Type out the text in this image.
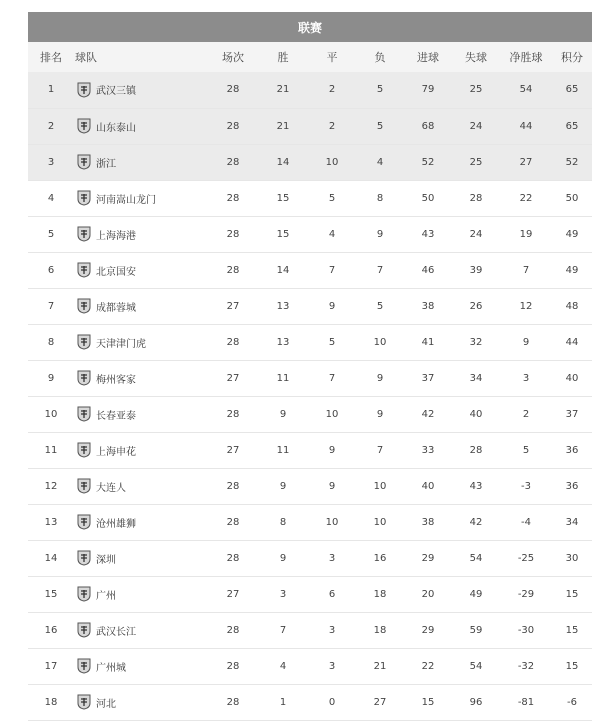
联赛
排名	球队	场次	胜	平	负	进球	失球	净胜球	积分
1	武汉三镇	28	21	2	5	79	25	54	65
2	山东泰山	28	21	2	5	68	24	44	65
3	浙江	28	14	10	4	52	25	27	52
4	河南嵩山龙门	28	15	5	8	50	28	22	50
5	上海海港	28	15	4	9	43	24	19	49
6	北京国安	28	14	7	7	46	39	7	49
7	成都蓉城	27	13	9	5	38	26	12	48
8	天津津门虎	28	13	5	10	41	32	9	44
9	梅州客家	27	11	7	9	37	34	3	40
10	长春亚泰	28	9	10	9	42	40	2	37
11	上海申花	27	11	9	7	33	28	5	36
12	大连人	28	9	9	10	40	43	-3	36
13	沧州雄狮	28	8	10	10	38	42	-4	34
14	深圳	28	9	3	16	29	54	-25	30
15	广州	27	3	6	18	20	49	-29	15
16	武汉长江	28	7	3	18	29	59	-30	15
17	广州城	28	4	3	21	22	54	-32	15
18	河北	28	1	0	27	15	96	-81	-6
